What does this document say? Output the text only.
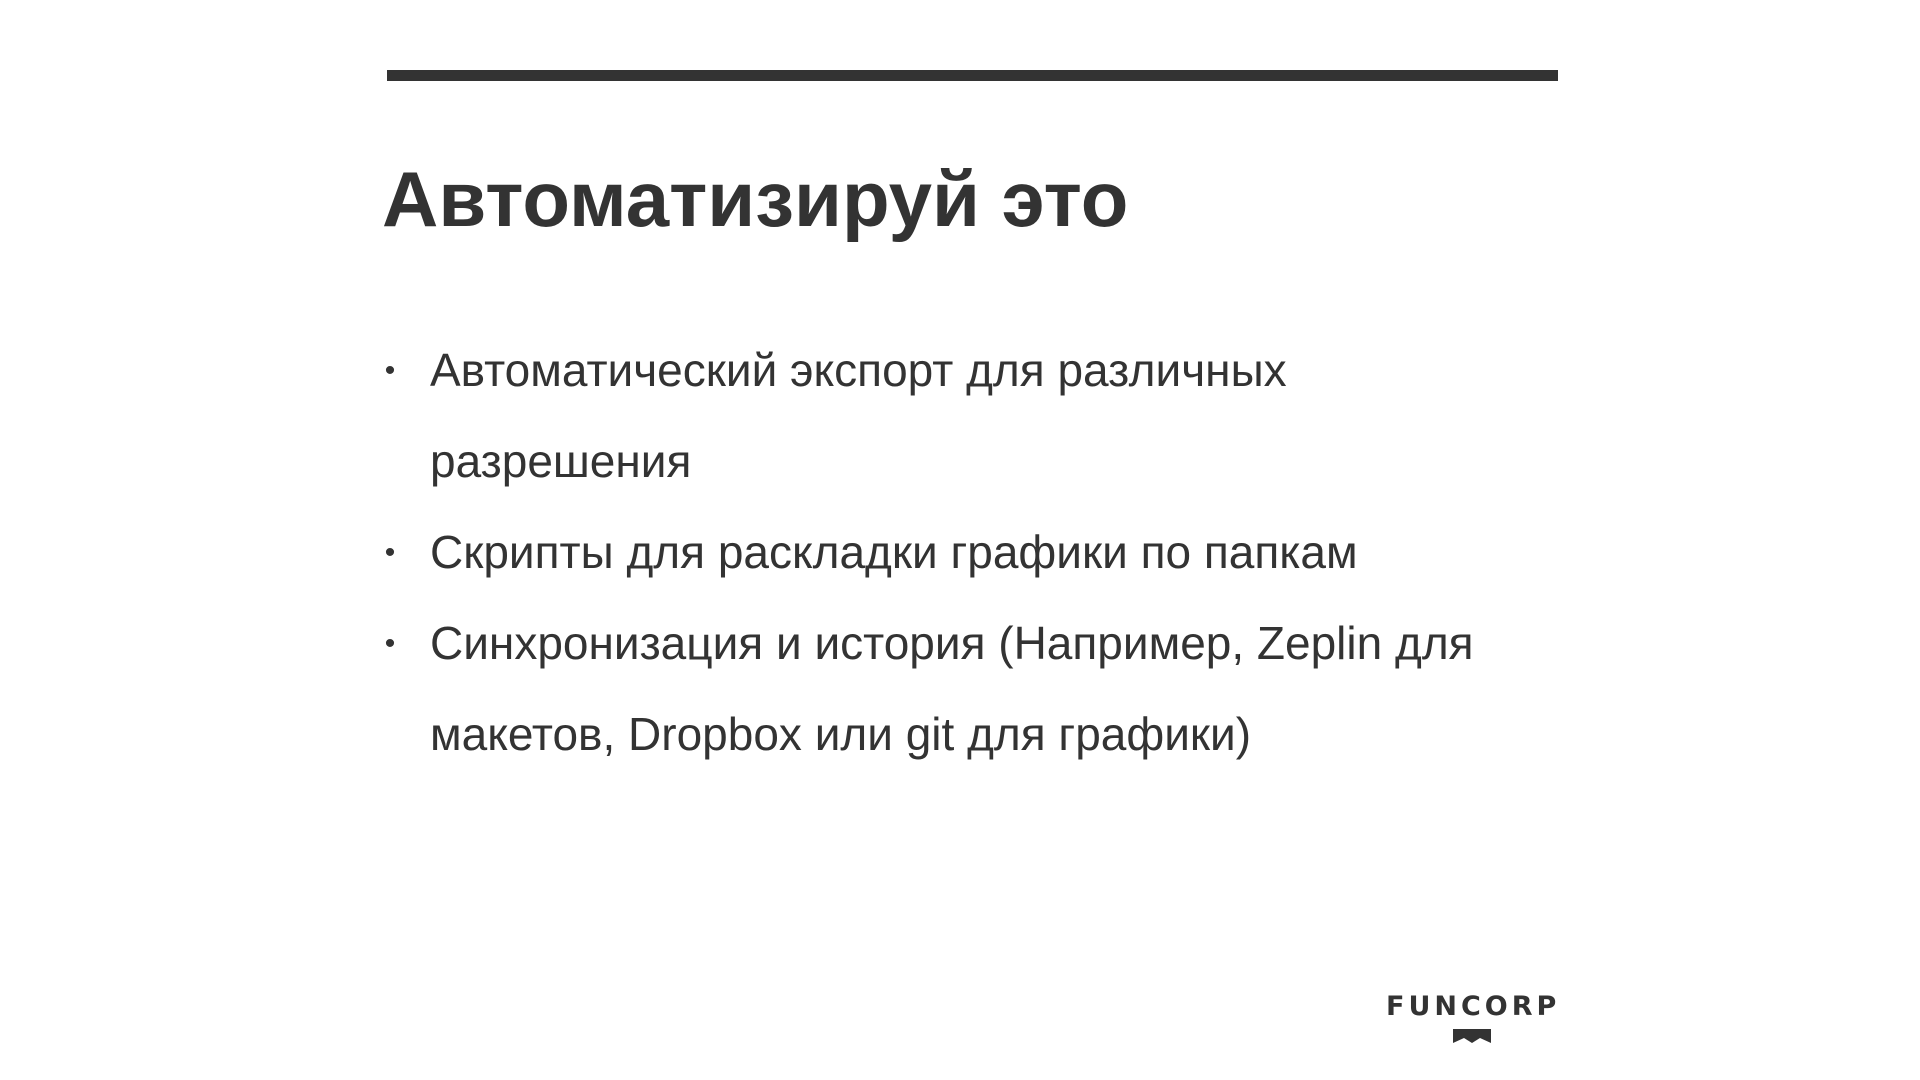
Автоматизируй это
• Автоматический экспорт для различных разрешения
• Скрипты для раскладки графики по папкам
• Синхронизация и история (Например, Zeplin для макетов, Dropbox или git для графики)
FUNCORP
